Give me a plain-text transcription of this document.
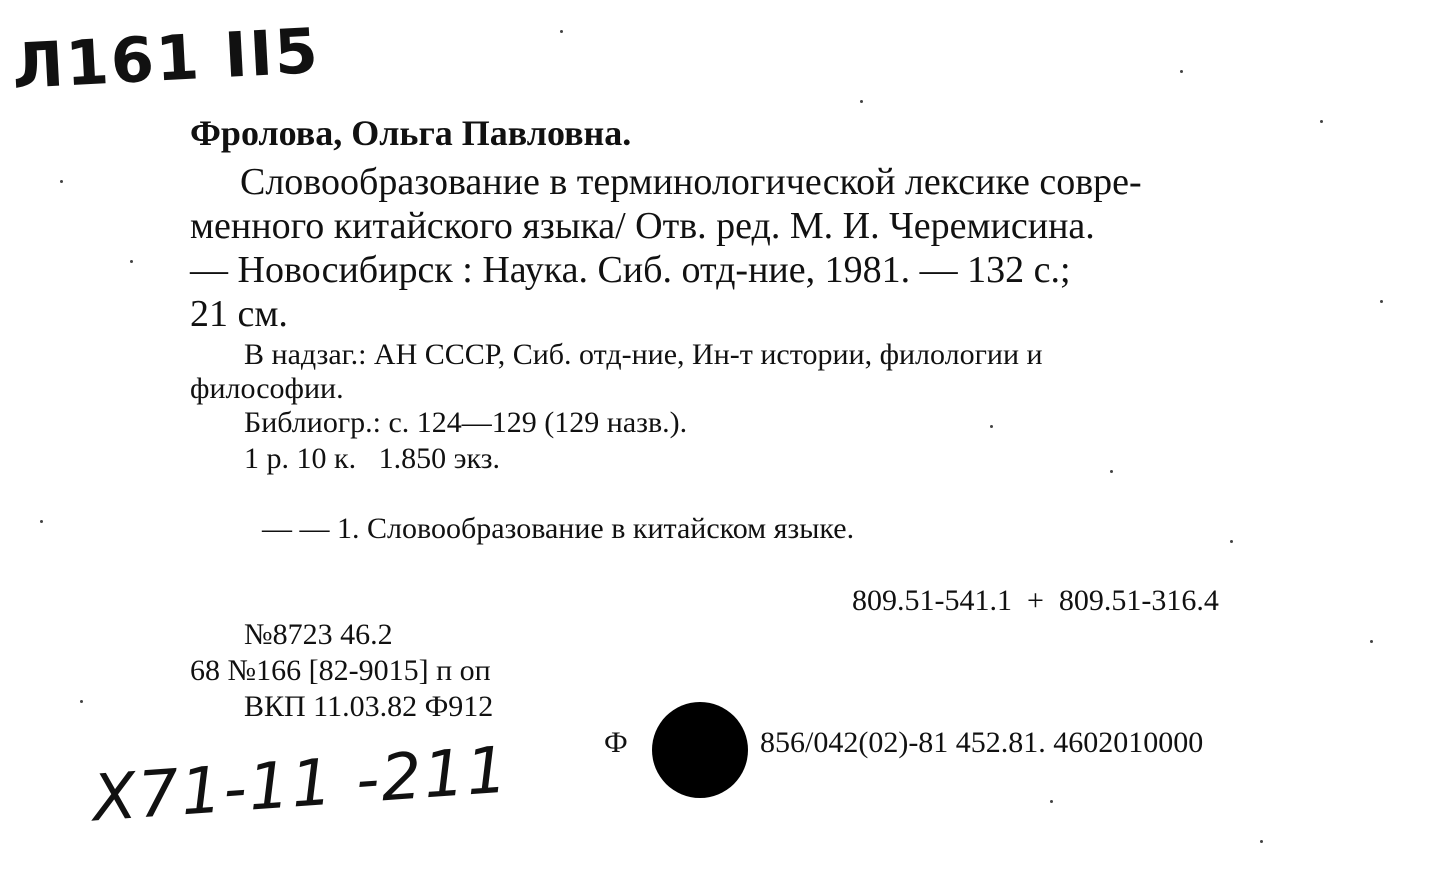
Л161 ІІ5
Фролова, Ольга Павловна.
Словообразование в терминологической лексике совре-
менного китайского языка/ Отв. ред. М. И. Черемисина.
— Новосибирск : Наука. Сиб. отд-ние, 1981. — 132 с.;
21 см.
В надзаг.: АН СССР, Сиб. отд-ние, Ин-т истории, филологии и
философии.
Библиогр.: с. 124—129 (129 назв.).
1 р. 10 к.   1.850 экз.
— — 1. Словообразование в китайском языке.
809.51-541.1  +  809.51-316.4
№8723 46.2
68 №166 [82-9015] п оп
ВКП 11.03.82 Ф912
Ф	856/042(02)-81 452.81. 4602010000
Х71-11 -211
